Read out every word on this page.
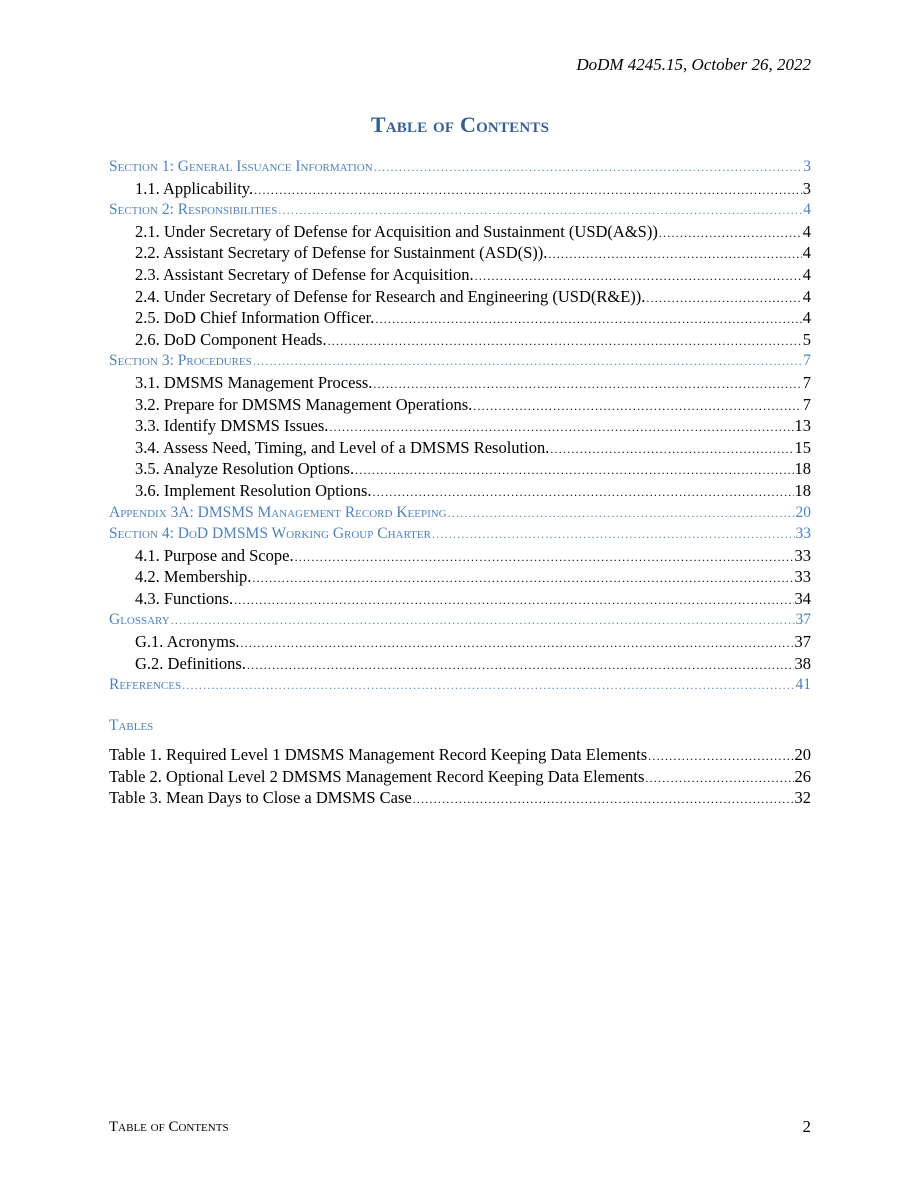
DoDM 4245.15, October 26, 2022
Table of Contents
Section 1: General Issuance Information .....	3
1.1. Applicability. .....	3
Section 2: Responsibilities .....	4
2.1. Under Secretary of Defense for Acquisition and Sustainment (USD(A&S)) .....	4
2.2. Assistant Secretary of Defense for Sustainment (ASD(S)). .....	4
2.3. Assistant Secretary of Defense for Acquisition. .....	4
2.4. Under Secretary of Defense for Research and Engineering (USD(R&E)). .....	4
2.5. DoD Chief Information Officer. .....	4
2.6. DoD Component Heads. .....	5
Section 3: Procedures .....	7
3.1. DMSMS Management Process. .....	7
3.2. Prepare for DMSMS Management Operations. .....	7
3.3. Identify DMSMS Issues. .....	13
3.4. Assess Need, Timing, and Level of a DMSMS Resolution. .....	15
3.5. Analyze Resolution Options. .....	18
3.6. Implement Resolution Options. .....	18
Appendix 3A: DMSMS Management Record Keeping .....	20
Section 4: DoD DMSMS Working Group Charter .....	33
4.1. Purpose and Scope. .....	33
4.2. Membership. .....	33
4.3. Functions. .....	34
Glossary .....	37
G.1. Acronyms. .....	37
G.2. Definitions. .....	38
References .....	41
Tables
Table 1. Required Level 1 DMSMS Management Record Keeping Data Elements .....	20
Table 2. Optional Level 2 DMSMS Management Record Keeping Data Elements .....	26
Table 3. Mean Days to Close a DMSMS Case .....	32
Table of Contents	2
